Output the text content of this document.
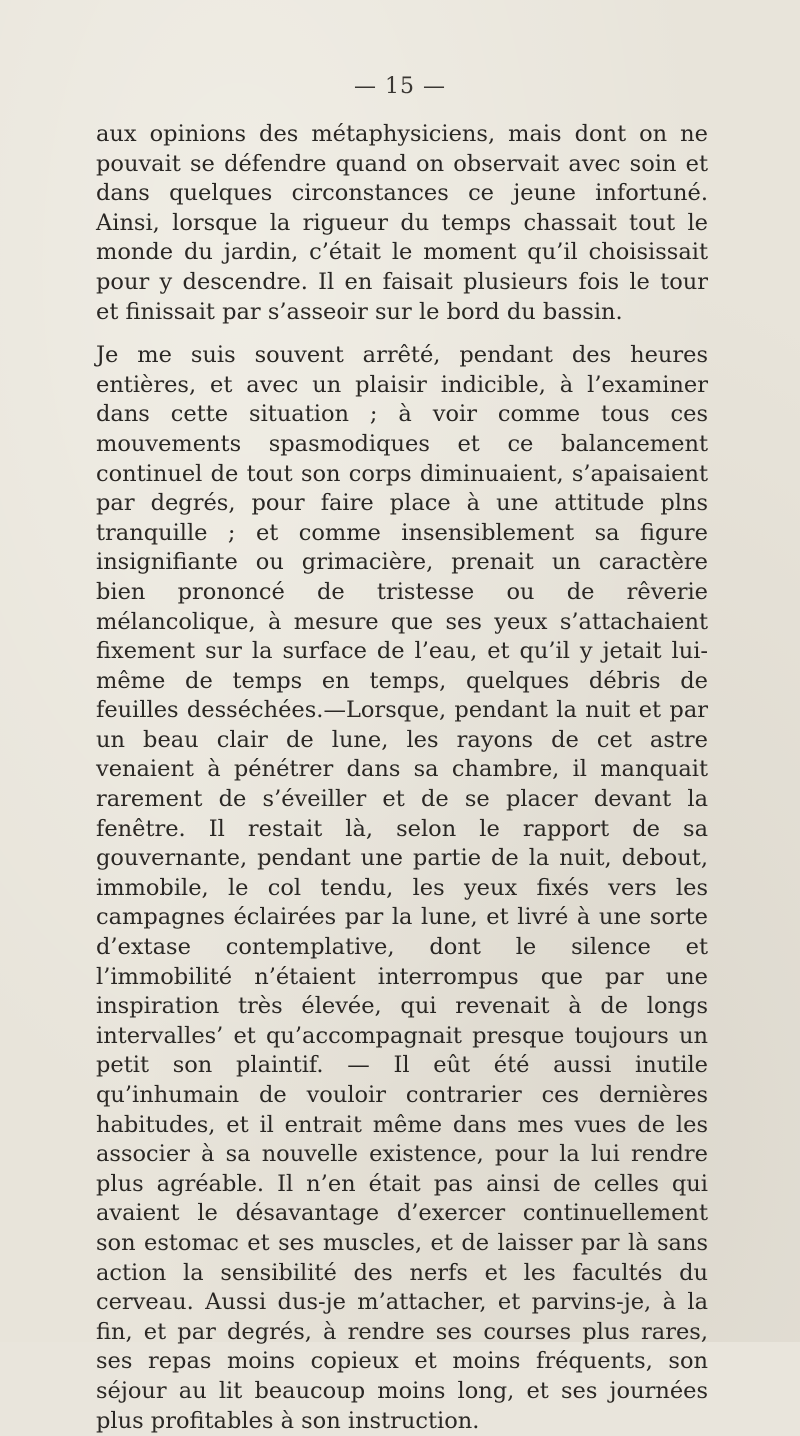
— 15 —

aux opinions des métaphysiciens, mais dont on ne pouvait se défendre quand on observait avec soin et dans quelques circonstances ce jeune infortuné. Ainsi, lorsque la rigueur du temps chassait tout le monde du jardin, c’était le moment qu’il choisissait pour y descendre. Il en faisait plusieurs fois le tour et finissait par s’asseoir sur le bord du bassin.

Je me suis souvent arrêté, pendant des heures entières, et avec un plaisir indicible, à l’examiner dans cette situation ; à voir comme tous ces mouvements spasmodiques et ce balancement continuel de tout son corps diminuaient, s’apaisaient par degrés, pour faire place à une attitude plns tranquille ; et comme insensiblement sa figure insignifiante ou grimacière, prenait un caractère bien prononcé de tristesse ou de rêverie mélancolique, à mesure que ses yeux s’attachaient fixement sur la surface de l’eau, et qu’il y jetait lui-même de temps en temps, quelques débris de feuilles desséchées.—Lorsque, pendant la nuit et par un beau clair de lune, les rayons de cet astre venaient à pénétrer dans sa chambre, il manquait rarement de s’éveiller et de se placer devant la fenêtre. Il restait là, selon le rapport de sa gouvernante, pendant une partie de la nuit, debout, immobile, le col tendu, les yeux fixés vers les campagnes éclairées par la lune, et livré à une sorte d’extase contemplative, dont le silence et l’immobilité n’étaient interrompus que par une inspiration très élevée, qui revenait à de longs intervalles’ et qu’accompagnait presque toujours un petit son plaintif. — Il eût été aussi inutile qu’inhumain de vouloir contrarier ces dernières habitudes, et il entrait même dans mes vues de les associer à sa nouvelle existence, pour la lui rendre plus agréable. Il n’en était pas ainsi de celles qui avaient le désavantage d’exercer continuellement son estomac et ses muscles, et de laisser par là sans action la sensibilité des nerfs et les facultés du cerveau. Aussi dus-je m’attacher, et parvins-je, à la fin, et par degrés, à rendre ses courses plus rares, ses repas moins copieux et moins fréquents, son séjour au lit beaucoup moins long, et ses journées plus profitables à son instruction.
